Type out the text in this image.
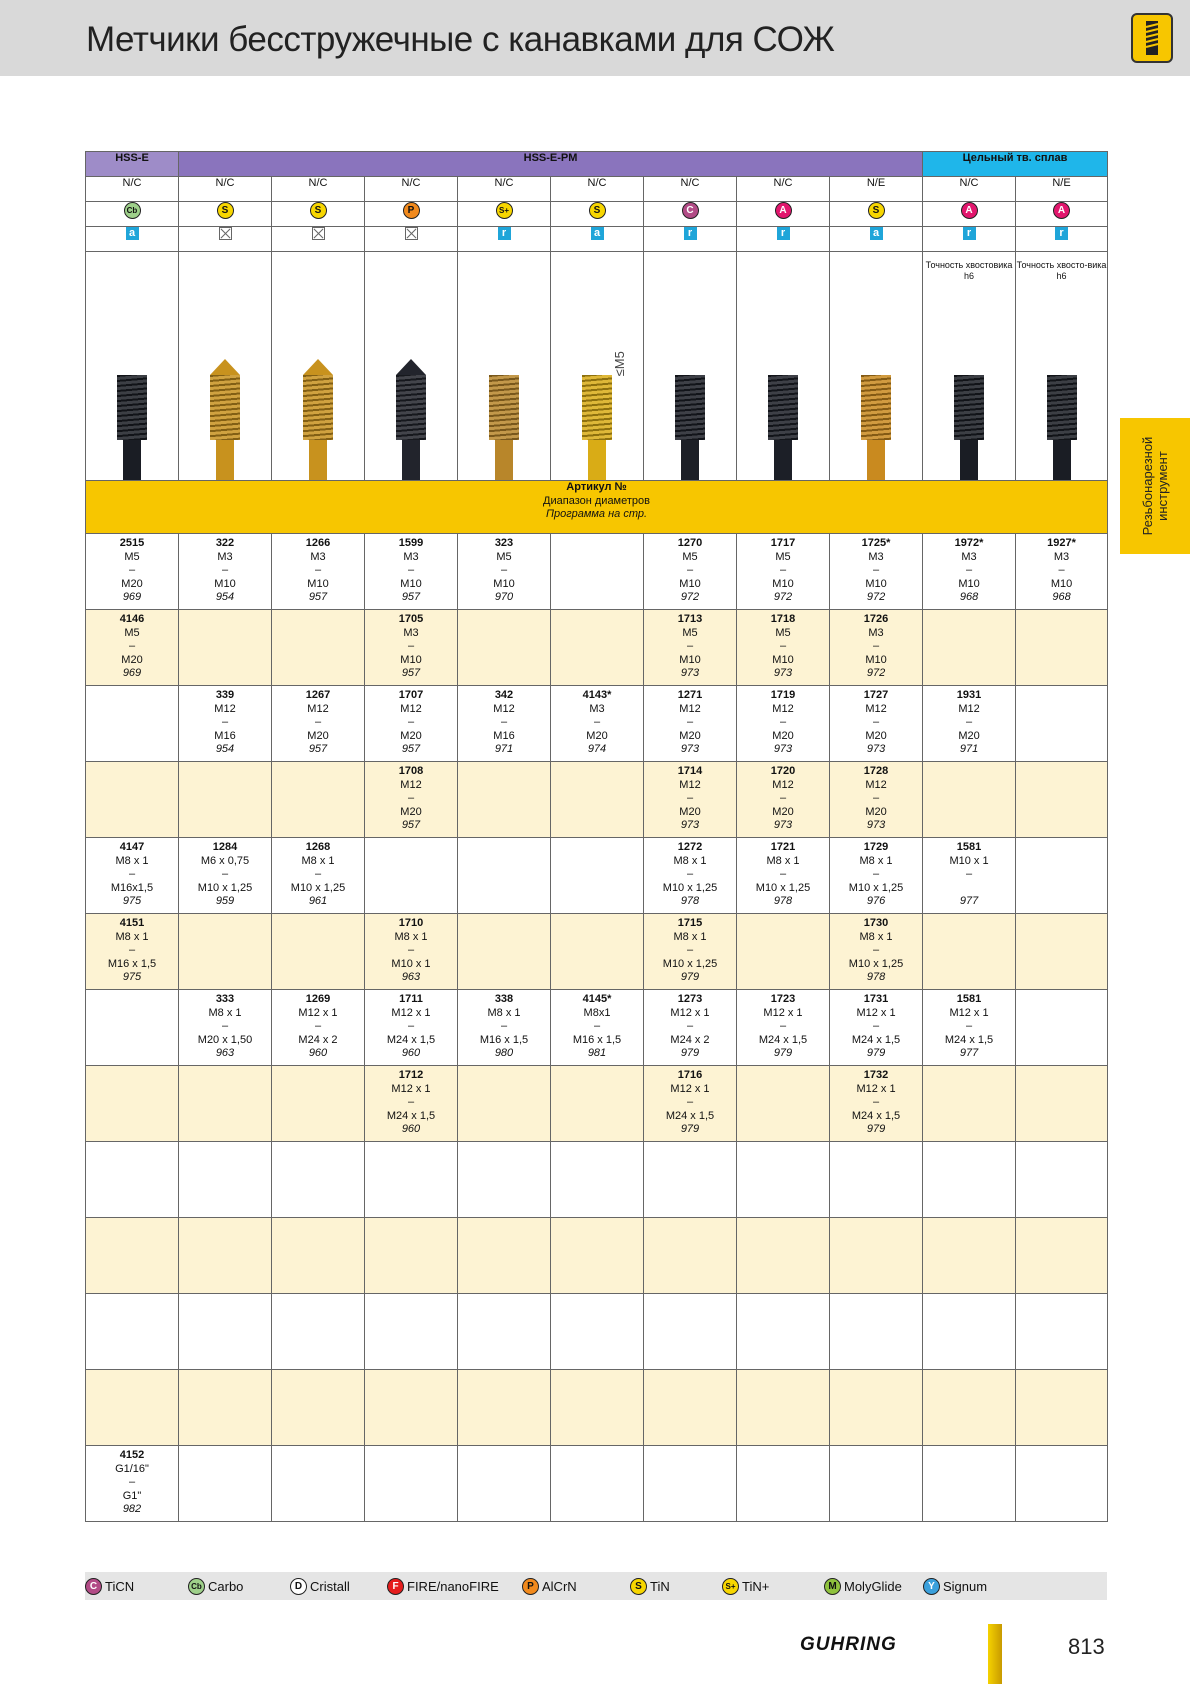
Метчики бесстружечные с канавками для СОЖ
Резьбонарезной инструмент
HSS-E	HSS-E-PM								Цельный тв. сплав	
N/C	N/C	N/C	N/C	N/C	N/C	N/C	N/C	N/E	N/C	N/E
Cb	S	S	P	S+	S	C	A	S	A	A
a				r	a	r	r	a	r	r

					≤M5				Точность хвостовика h6	Точность хвосто-вика h6

Артикул №
Диапазон диаметров
Программа на стр.										

2515
M5
–
M20
969	322
M3
–
M10
954	1266
M3
–
M10
957	1599
M3
–
M10
957	323
M5
–
M10
970		1270
M5
–
M10
972	1717
M5
–
M10
972	1725*
M3
–
M10
972	1972*
M3
–
M10
968	1927*
M3
–
M10
968

4146
M5
–
M20
969			1705
M3
–
M10
957			1713
M5
–
M10
973	1718
M5
–
M10
973	1726
M3
–
M10
972		

	339
M12
–
M16
954	1267
M12
–
M20
957	1707
M12
–
M20
957	342
M12
–
M16
971	4143*
M3
–
M20
974	1271
M12
–
M20
973	1719
M12
–
M20
973	1727
M12
–
M20
973	1931
M12
–
M20
971	

			1708
M12
–
M20
957			1714
M12
–
M20
973	1720
M12
–
M20
973	1728
M12
–
M20
973		

4147
M8 x 1
–
M16x1,5
975	1284
M6 x 0,75
–
M10 x 1,25
959	1268
M8 x 1
–
M10 x 1,25
961				1272
M8 x 1
–
M10 x 1,25
978	1721
M8 x 1
–
M10 x 1,25
978	1729
M8 x 1
–
M10 x 1,25
976	1581
M10 x 1
–

977	

4151
M8 x 1
–
M16 x 1,5
975			1710
M8 x 1
–
M10 x 1
963			1715
M8 x 1
–
M10 x 1,25
979		1730
M8 x 1
–
M10 x 1,25
978		

	333
M8 x 1
–
M20 x 1,50
963	1269
M12 x 1
–
M24 x 2
960	1711
M12 x 1
–
M24 x 1,5
960	338
M8 x 1
–
M16 x 1,5
980	4145*
M8x1
–
M16 x 1,5
981	1273
M12 x 1
–
M24 x 2
979	1723
M12 x 1
–
M24 x 1,5
979	1731
M12 x 1
–
M24 x 1,5
979	1581
M12 x 1
–
M24 x 1,5
977	

			1712
M12 x 1
–
M24 x 1,5
960			1716
M12 x 1
–
M24 x 1,5
979		1732
M12 x 1
–
M24 x 1,5
979		

4152
G1/16"
–
G1"
982										

C TiCN	Cb Carbo	D Cristall	F FIRE/nanoFIRE	P AlCrN	S TiN	S+ TiN+	M MolyGlide	Y Signum
GUHRING	813
